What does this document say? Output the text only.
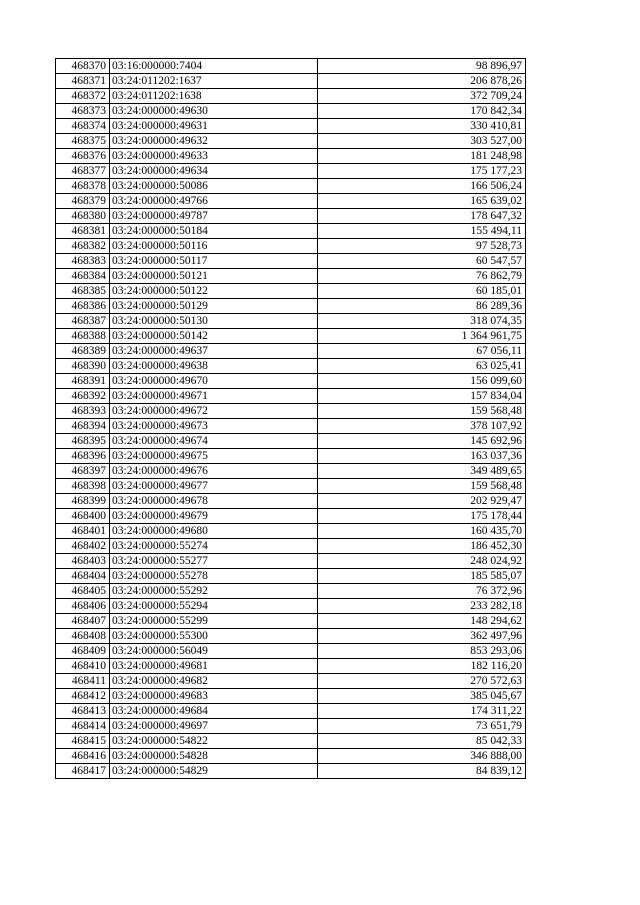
468370	03:16:000000:7404	98 896,97
468371	03:24:011202:1637	206 878,26
468372	03:24:011202:1638	372 709,24
468373	03:24:000000:49630	170 842,34
468374	03:24:000000:49631	330 410,81
468375	03:24:000000:49632	303 527,00
468376	03:24:000000:49633	181 248,98
468377	03:24:000000:49634	175 177,23
468378	03:24:000000:50086	166 506,24
468379	03:24:000000:49766	165 639,02
468380	03:24:000000:49787	178 647,32
468381	03:24:000000:50184	155 494,11
468382	03:24:000000:50116	97 528,73
468383	03:24:000000:50117	60 547,57
468384	03:24:000000:50121	76 862,79
468385	03:24:000000:50122	60 185,01
468386	03:24:000000:50129	86 289,36
468387	03:24:000000:50130	318 074,35
468388	03:24:000000:50142	1 364 961,75
468389	03:24:000000:49637	67 056,11
468390	03:24:000000:49638	63 025,41
468391	03:24:000000:49670	156 099,60
468392	03:24:000000:49671	157 834,04
468393	03:24:000000:49672	159 568,48
468394	03:24:000000:49673	378 107,92
468395	03:24:000000:49674	145 692,96
468396	03:24:000000:49675	163 037,36
468397	03:24:000000:49676	349 489,65
468398	03:24:000000:49677	159 568,48
468399	03:24:000000:49678	202 929,47
468400	03:24:000000:49679	175 178,44
468401	03:24:000000:49680	160 435,70
468402	03:24:000000:55274	186 452,30
468403	03:24:000000:55277	248 024,92
468404	03:24:000000:55278	185 585,07
468405	03:24:000000:55292	76 372,96
468406	03:24:000000:55294	233 282,18
468407	03:24:000000:55299	148 294,62
468408	03:24:000000:55300	362 497,96
468409	03:24:000000:56049	853 293,06
468410	03:24:000000:49681	182 116,20
468411	03:24:000000:49682	270 572,63
468412	03:24:000000:49683	385 045,67
468413	03:24:000000:49684	174 311,22
468414	03:24:000000:49697	73 651,79
468415	03:24:000000:54822	85 042,33
468416	03:24:000000:54828	346 888,00
468417	03:24:000000:54829	84 839,12
